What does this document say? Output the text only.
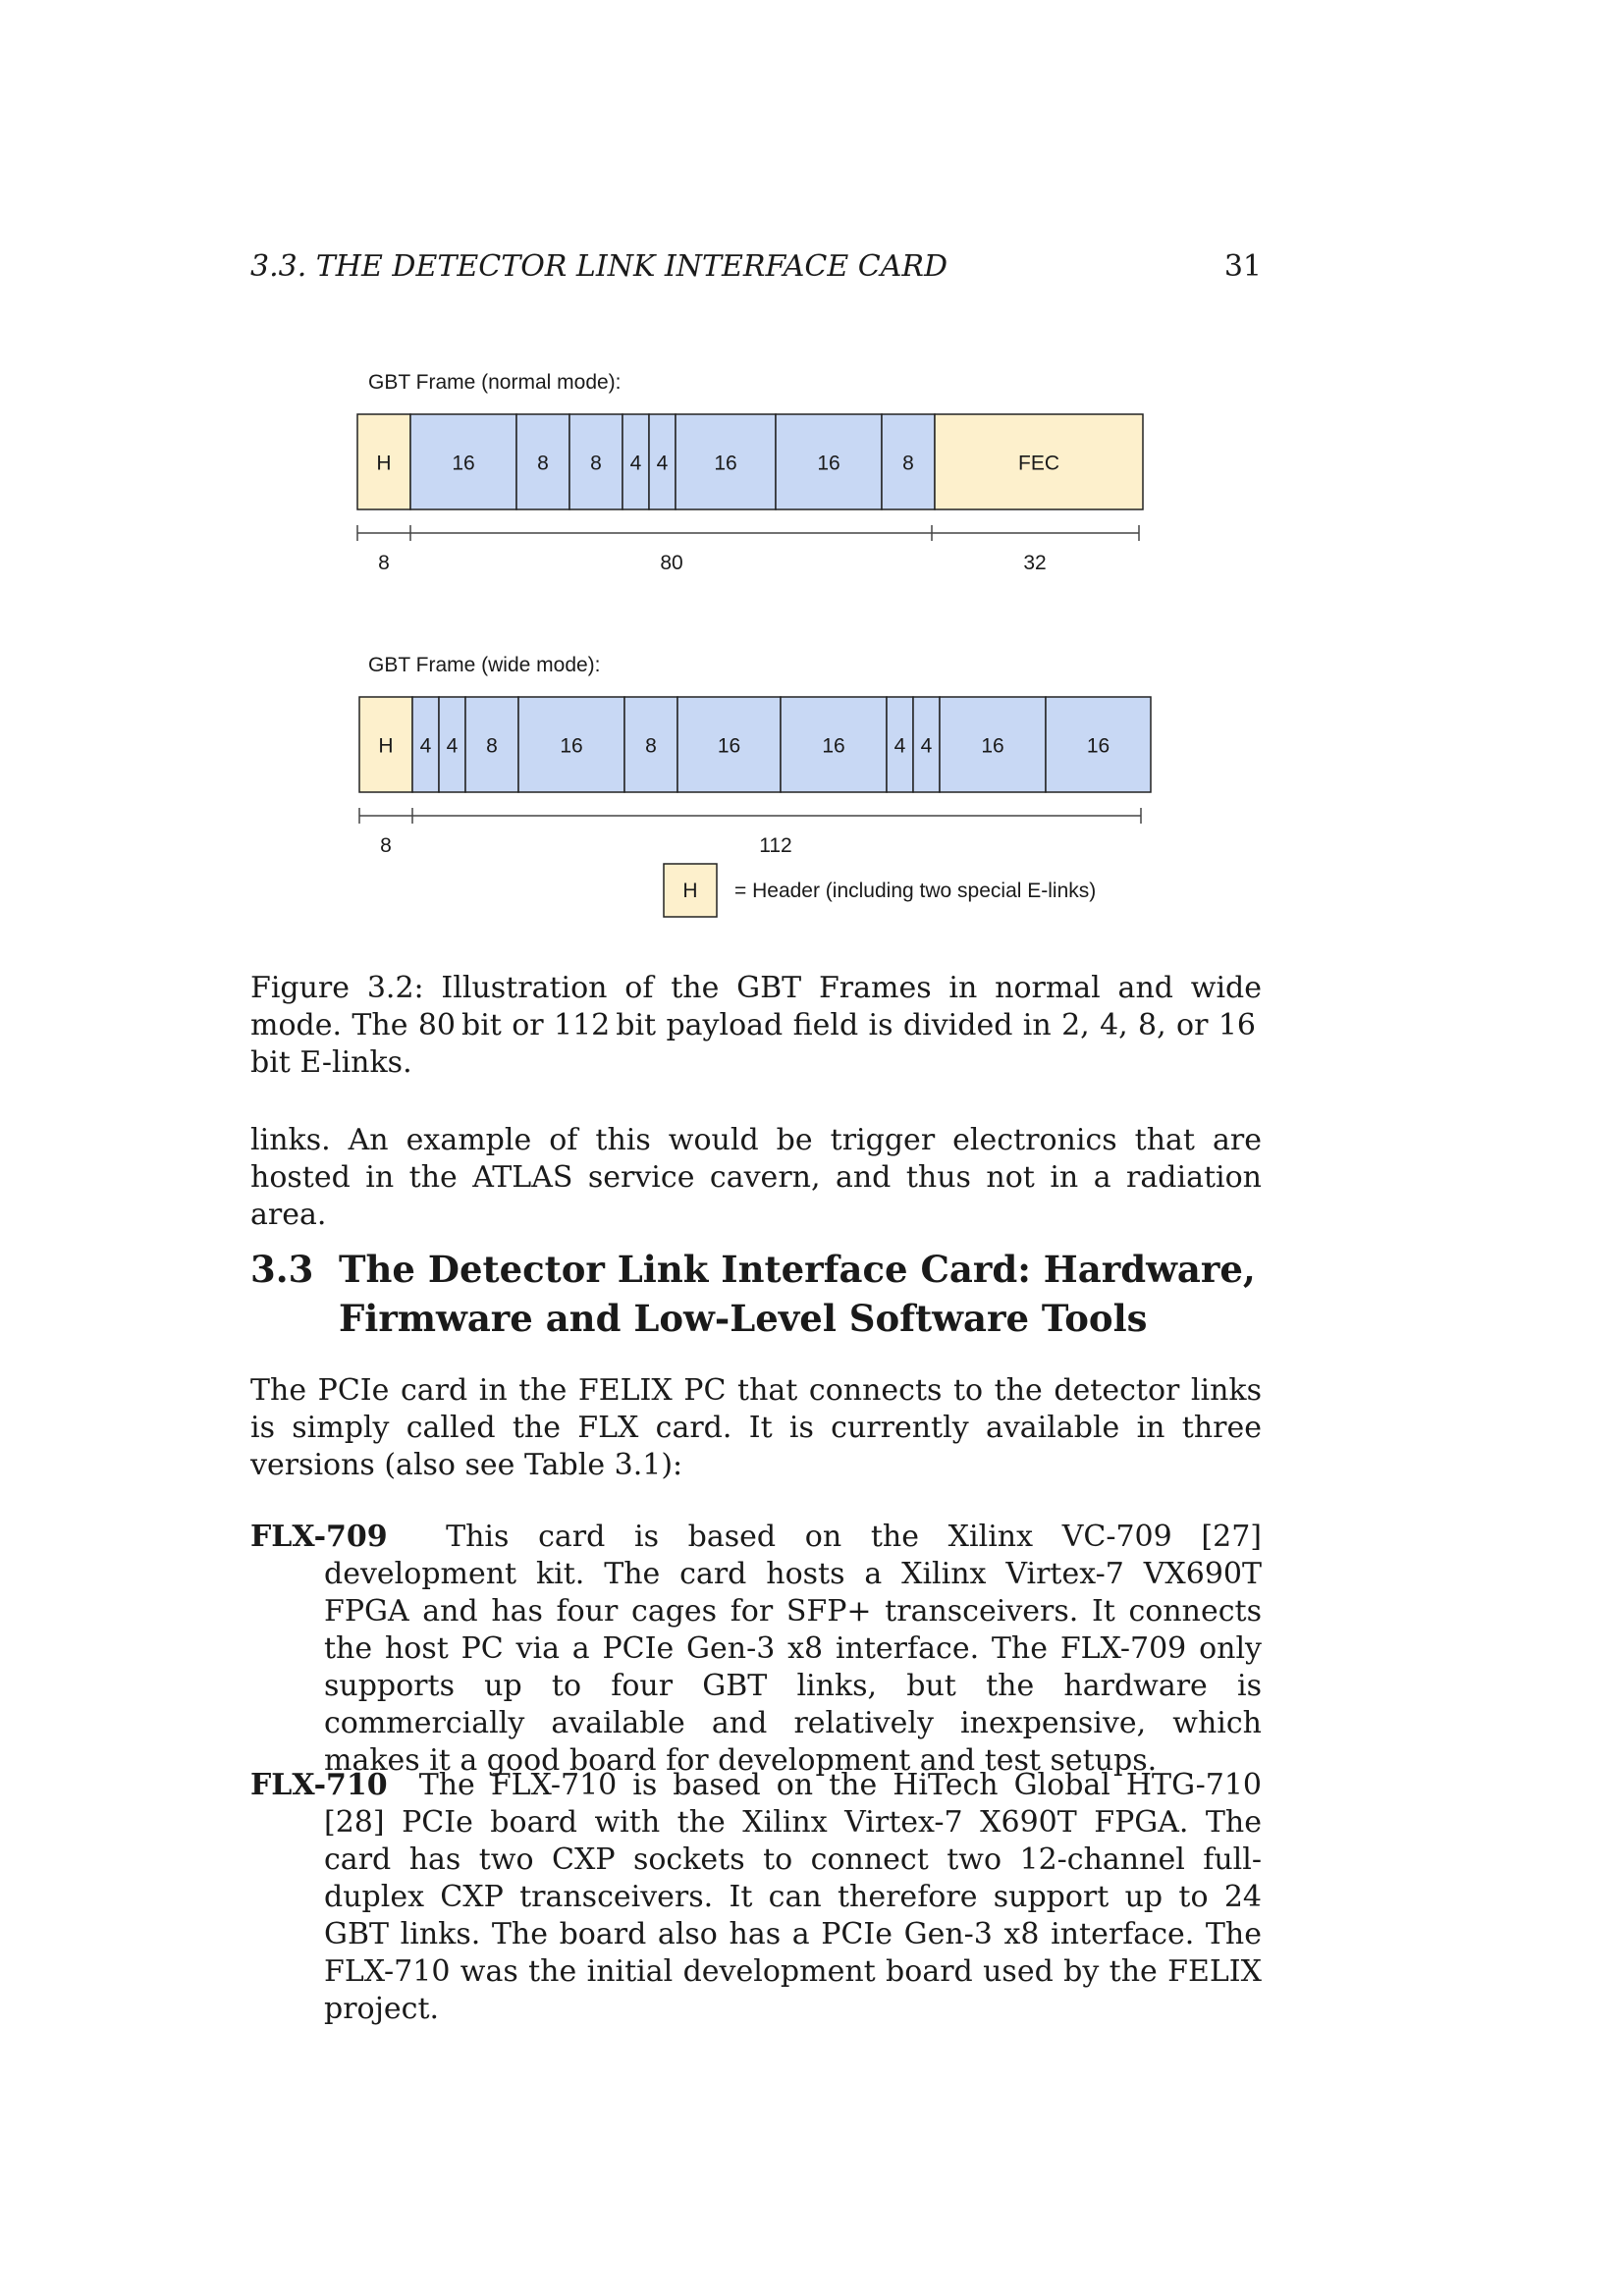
3.3. THE DETECTOR LINK INTERFACE CARD	31
GBT Frame (normal mode):
H	16	8 8 4 4 16	16	8	FEC
8	80	32
GBT Frame (wide mode):
H 4 4 8	16	8	16	16 4 4 16	16
8	112
H = Header (including two special E-links)
Figure 3.2: Illustration of the GBT Frames in normal and wide mode. The 80 bit or 112 bit payload field is divided in 2, 4, 8, or 16 bit E-links.
links. An example of this would be trigger electronics that are hosted in the ATLAS service cavern, and thus not in a radiation area.
3.3 The Detector Link Interface Card: Hardware, Firmware and Low-Level Software Tools
The PCIe card in the FELIX PC that connects to the detector links is simply called the FLX card. It is currently available in three versions (also see Table 3.1):
FLX-709 This card is based on the Xilinx VC-709 [27] development kit. The card hosts a Xilinx Virtex-7 VX690T FPGA and has four cages for SFP+ transceivers. It connects the host PC via a PCIe Gen-3 x8 interface. The FLX-709 only supports up to four GBT links, but the hardware is commercially available and relatively inexpensive, which makes it a good board for development and test setups.
FLX-710 The FLX-710 is based on the HiTech Global HTG-710 [28] PCIe board with the Xilinx Virtex-7 X690T FPGA. The card has two CXP sockets to connect two 12-channel full-duplex CXP transceivers. It can therefore support up to 24 GBT links. The board also has a PCIe Gen-3 x8 interface. The FLX-710 was the initial development board used by the FELIX project.
